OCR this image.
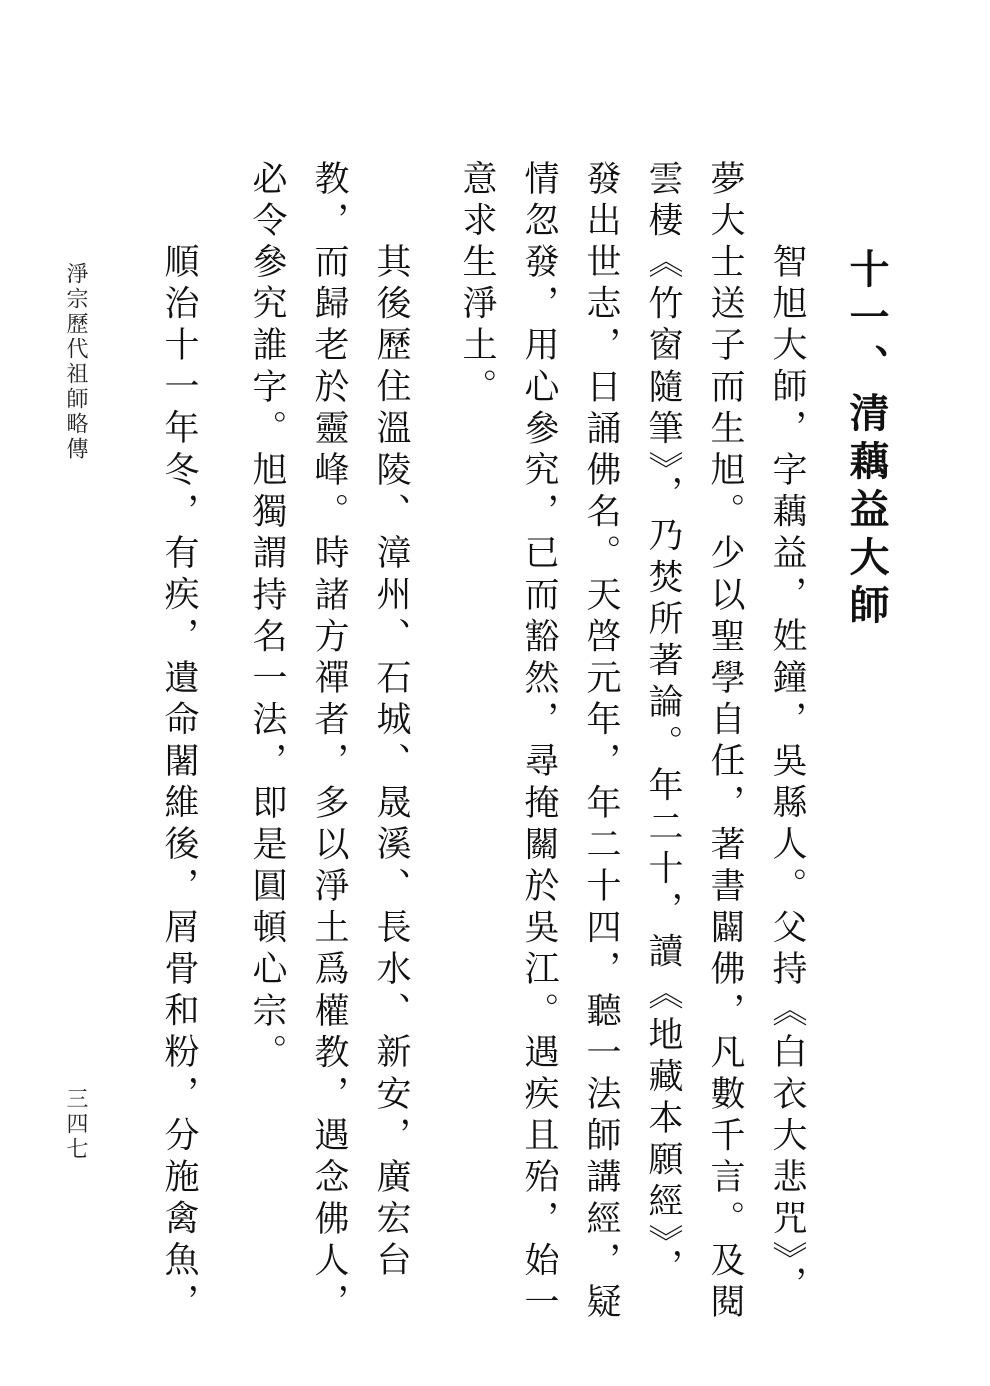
十一、清藕益大師
智旭大師，字藕益，姓鐘，吳縣人。父持《白衣大悲咒》，
夢大士送子而生旭。少以聖學自任，著書闢佛，凡數千言。及閱
雲棲《竹窗隨筆》，乃焚所著論。年二十，讀《地藏本願經》，
發出世志，日誦佛名。天啓元年，年二十四，聽一法師講經，疑
情忽發，用心參究，已而豁然，尋掩關於吳江。遇疾且殆，始一
意求生淨土。
其後歷住溫陵、漳州、石城、晟溪、長水、新安，廣宏台
教，而歸老於靈峰。時諸方禪者，多以淨土爲權教，遇念佛人，
必令參究誰字。旭獨謂持名一法，即是圓頓心宗。
順治十一年冬，有疾，遺命闍維後，屑骨和粉，分施禽魚，
淨宗歷代祖師略傳
三四七
